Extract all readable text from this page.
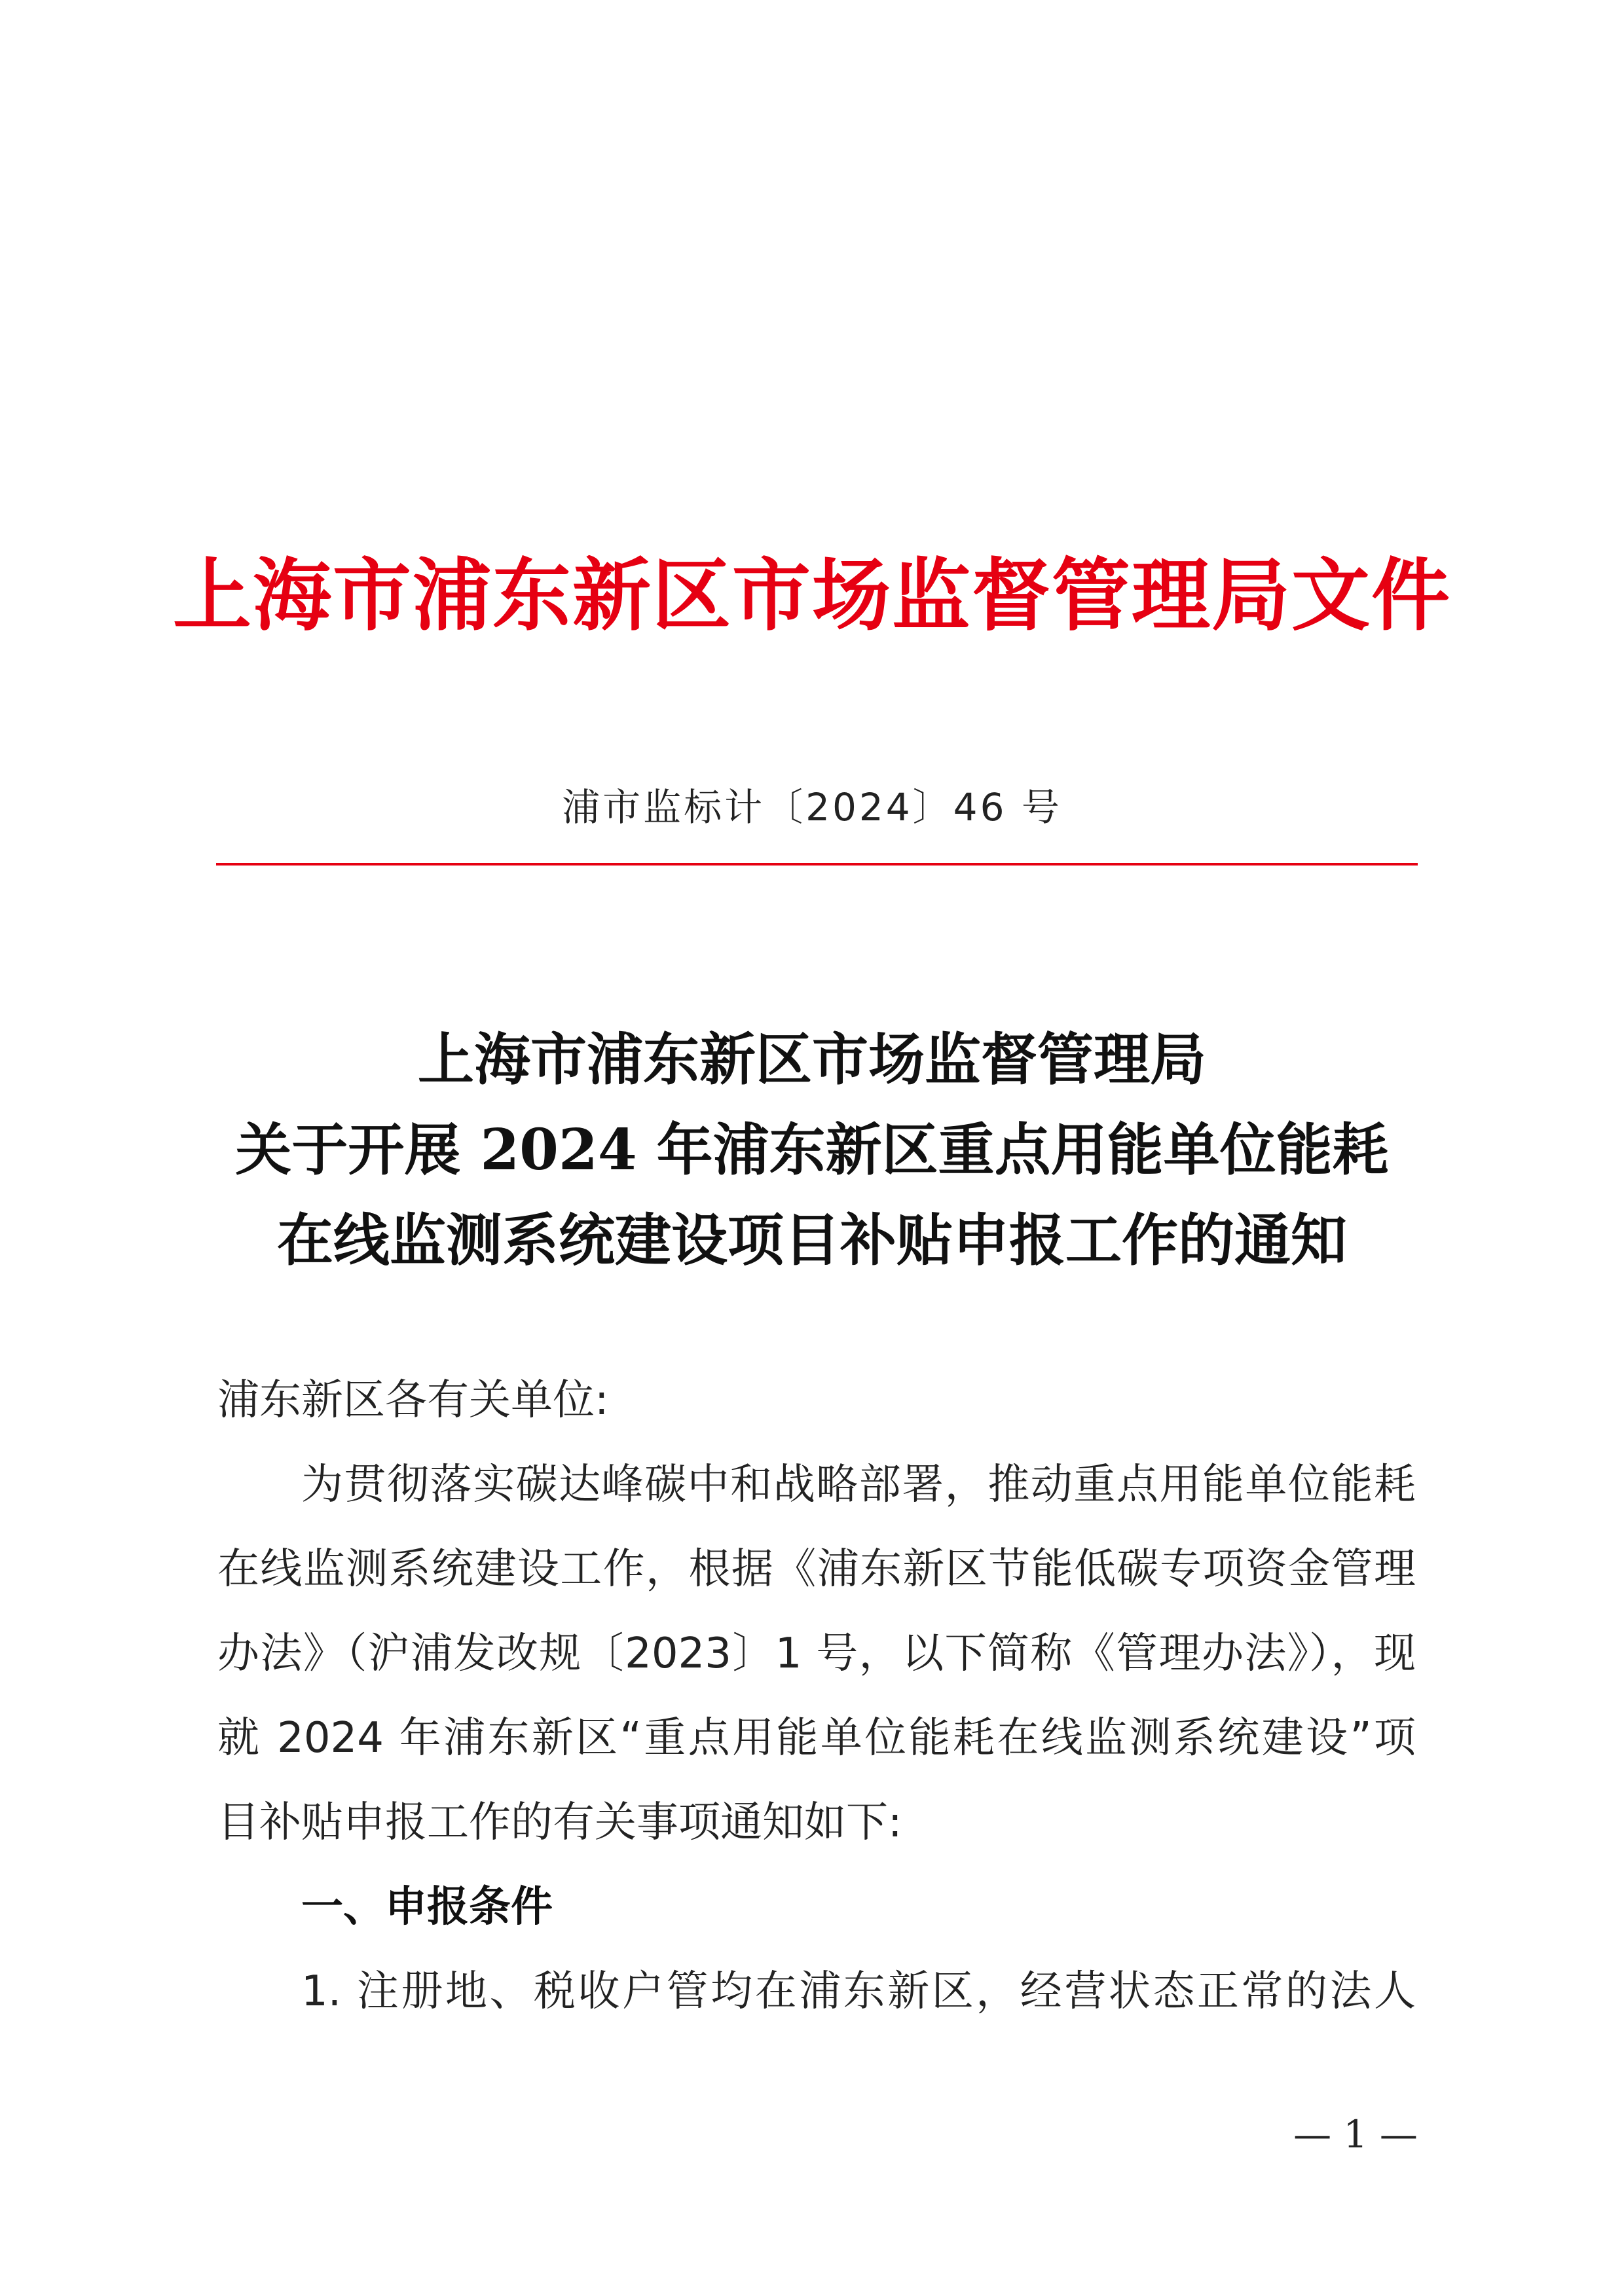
上海市浦东新区市场监督管理局文件
浦市监标计〔2024〕46 号
上海市浦东新区市场监督管理局
关于开展 2024 年浦东新区重点用能单位能耗
在线监测系统建设项目补贴申报工作的通知
浦东新区各有关单位:
为贯彻落实碳达峰碳中和战略部署，推动重点用能单位能耗
在线监测系统建设工作，根据《浦东新区节能低碳专项资金管理
办法》（沪浦发改规〔2023〕1 号，以下简称《管理办法》），现
就 2024 年浦东新区“重点用能单位能耗在线监测系统建设”项
目补贴申报工作的有关事项通知如下:
一、申报条件
1. 注册地、税收户管均在浦东新区，经营状态正常的法人
— 1 —
